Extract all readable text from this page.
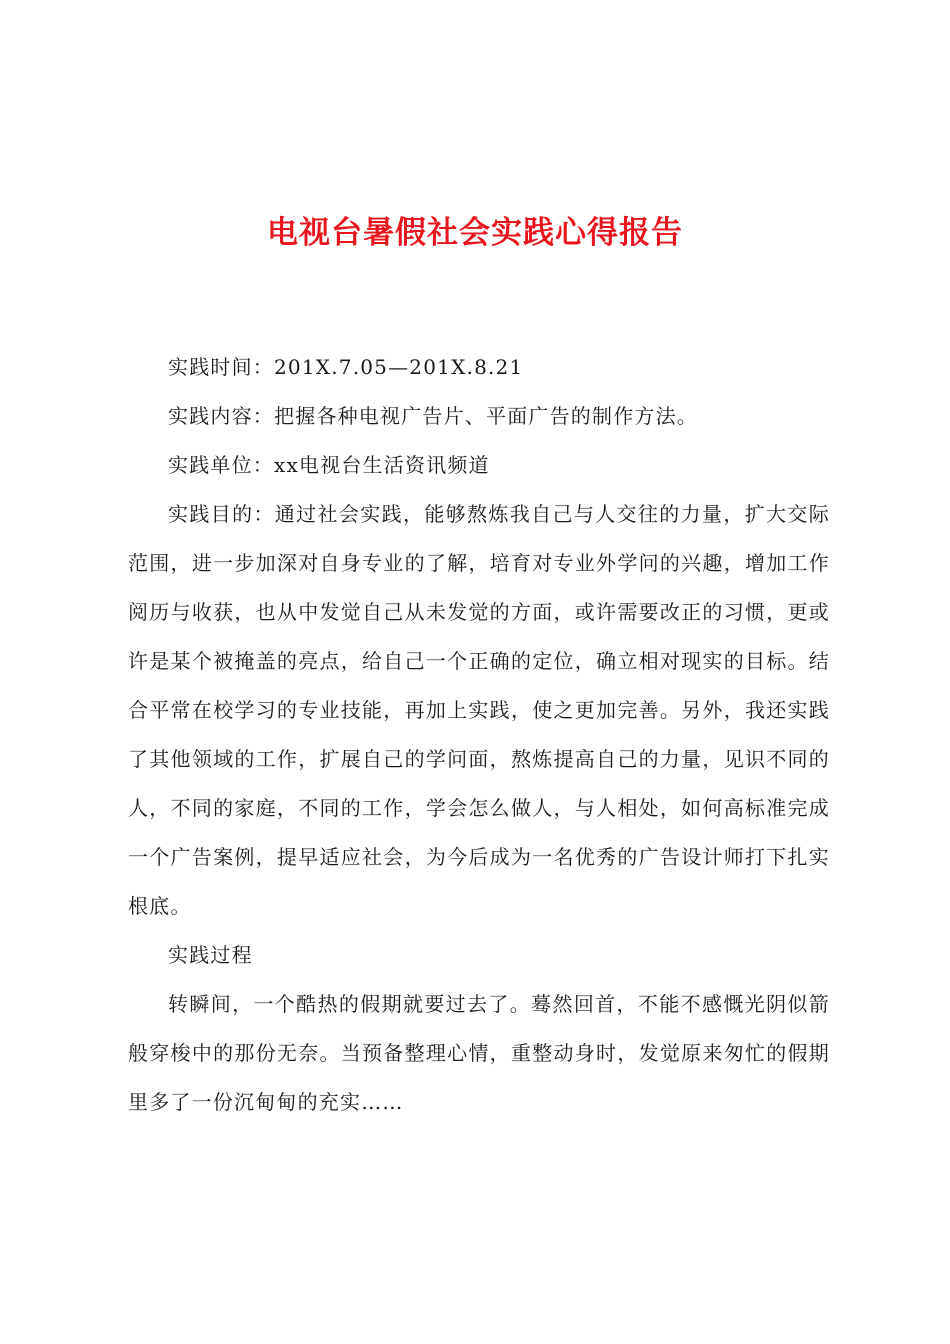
电视台暑假社会实践心得报告

实践时间：201X.7.05—201X.8.21

实践内容：把握各种电视广告片、平面广告的制作方法。

实践单位：xx电视台生活资讯频道

实践目的：通过社会实践，能够熬炼我自己与人交往的力量，扩大交际范围，进一步加深对自身专业的了解，培育对专业外学问的兴趣，增加工作阅历与收获，也从中发觉自己从未发觉的方面，或许需要改正的习惯，更或许是某个被掩盖的亮点，给自己一个正确的定位，确立相对现实的目标。结合平常在校学习的专业技能，再加上实践，使之更加完善。另外，我还实践了其他领域的工作，扩展自己的学问面，熬炼提高自己的力量，见识不同的人，不同的家庭，不同的工作，学会怎么做人，与人相处，如何高标准完成一个广告案例，提早适应社会，为今后成为一名优秀的广告设计师打下扎实根底。

实践过程

转瞬间，一个酷热的假期就要过去了。蓦然回首，不能不感慨光阴似箭般穿梭中的那份无奈。当预备整理心情，重整动身时，发觉原来匆忙的假期里多了一份沉甸甸的充实……
